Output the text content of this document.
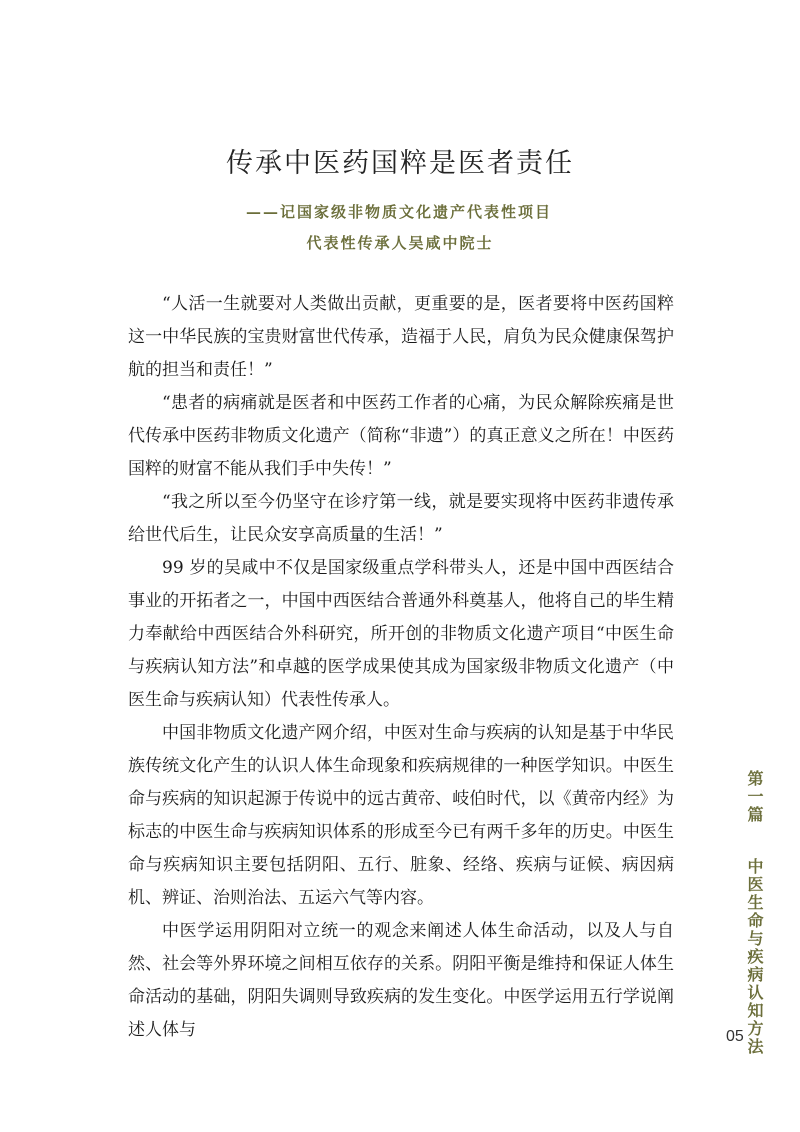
传承中医药国粹是医者责任
——记国家级非物质文化遗产代表性项目
代表性传承人吴咸中院士

“人活一生就要对人类做出贡献，更重要的是，医者要将中医药国粹这一中华民族的宝贵财富世代传承，造福于人民，肩负为民众健康保驾护航的担当和责任！”

“患者的病痛就是医者和中医药工作者的心痛，为民众解除疾痛是世代传承中医药非物质文化遗产（简称“非遗”）的真正意义之所在！中医药国粹的财富不能从我们手中失传！”

“我之所以至今仍坚守在诊疗第一线，就是要实现将中医药非遗传承给世代后生，让民众安享高质量的生活！”

99 岁的吴咸中不仅是国家级重点学科带头人，还是中国中西医结合事业的开拓者之一，中国中西医结合普通外科奠基人，他将自己的毕生精力奉献给中西医结合外科研究，所开创的非物质文化遗产项目“中医生命与疾病认知方法”和卓越的医学成果使其成为国家级非物质文化遗产（中医生命与疾病认知）代表性传承人。

中国非物质文化遗产网介绍，中医对生命与疾病的认知是基于中华民族传统文化产生的认识人体生命现象和疾病规律的一种医学知识。中医生命与疾病的知识起源于传说中的远古黄帝、岐伯时代，以《黄帝内经》为标志的中医生命与疾病知识体系的形成至今已有两千多年的历史。中医生命与疾病知识主要包括阴阳、五行、脏象、经络、疾病与证候、病因病机、辨证、治则治法、五运六气等内容。

中医学运用阴阳对立统一的观念来阐述人体生命活动，以及人与自然、社会等外界环境之间相互依存的关系。阴阳平衡是维持和保证人体生命活动的基础，阴阳失调则导致疾病的发生变化。中医学运用五行学说阐述人体与

第一篇
中医生命与疾病认知方法
05
